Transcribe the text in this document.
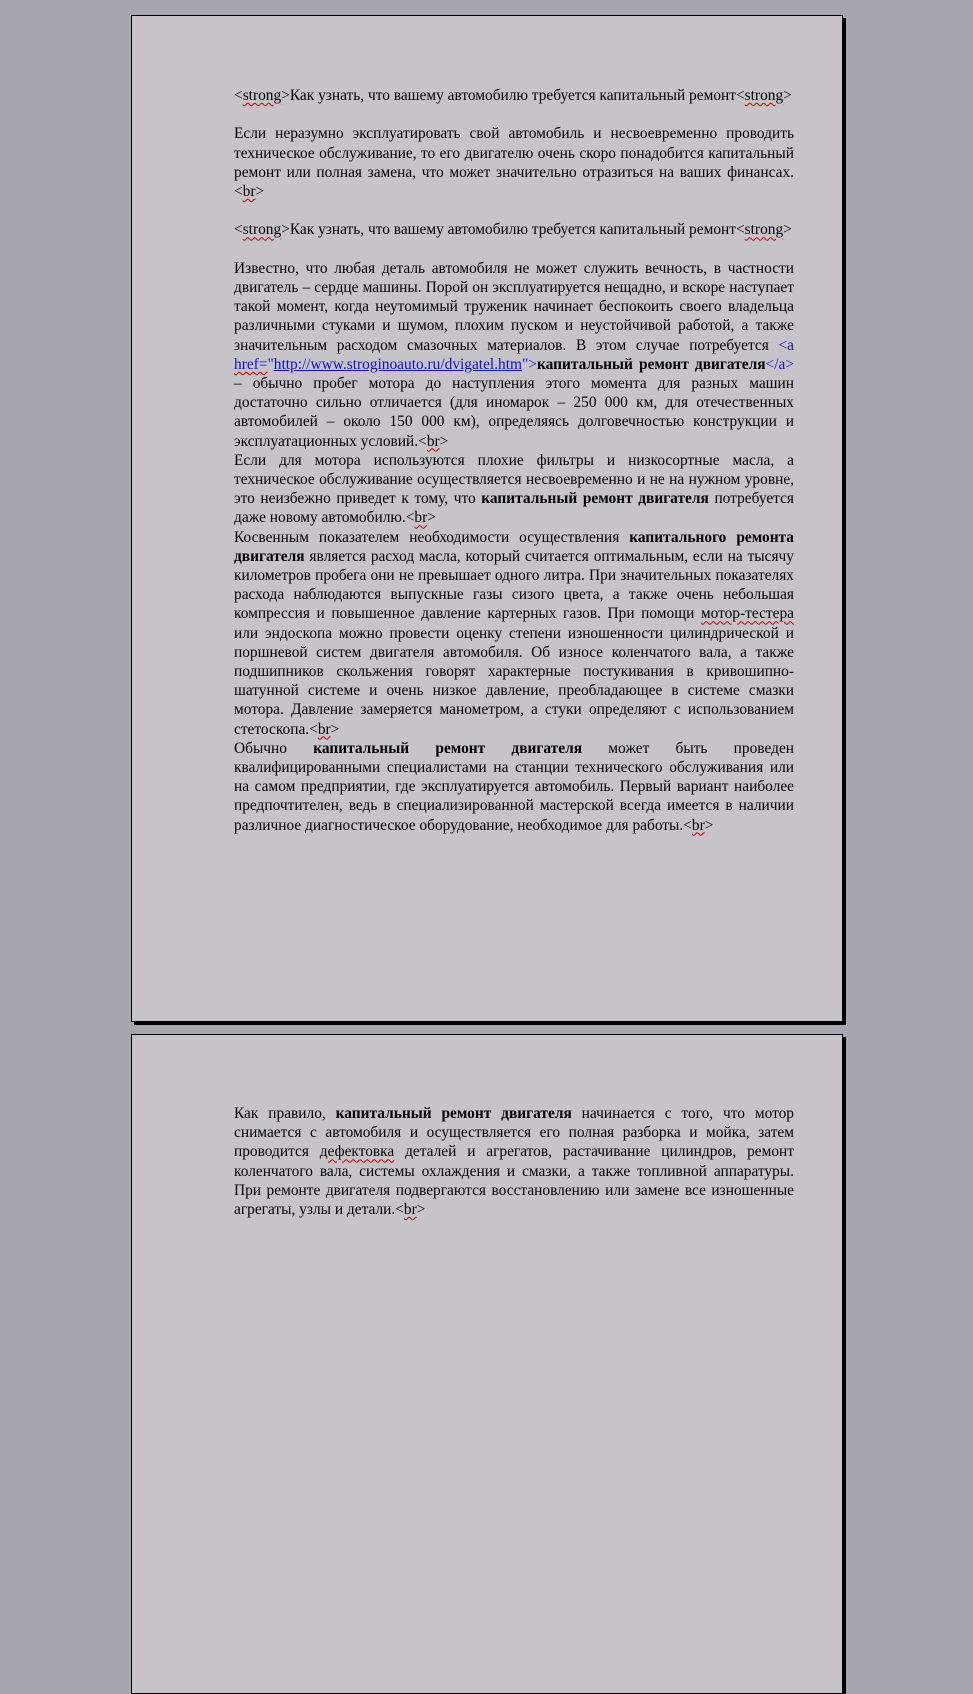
<strong>Как узнать, что вашему автомобилю требуется капитальный ремонт<strong>

Если неразумно эксплуатировать свой автомобиль и несвоевременно проводить техническое обслуживание, то его двигателю очень скоро понадобится капитальный ремонт или полная замена, что может значительно отразиться на ваших финансах.<br>

<strong>Как узнать, что вашему автомобилю требуется капитальный ремонт<strong>

Известно, что любая деталь автомобиля не может служить вечность, в частности двигатель – сердце машины. Порой он эксплуатируется нещадно, и вскоре наступает такой момент, когда неутомимый труженик начинает беспокоить своего владельца различными стуками и шумом, плохим пуском и неустойчивой работой, а также значительным расходом смазочных материалов. В этом случае потребуется <a href="http://www.stroginoauto.ru/dvigatel.htm">капитальный ремонт двигателя</a> – обычно пробег мотора до наступления этого момента для разных машин достаточно сильно отличается (для иномарок – 250 000 км, для отечественных автомобилей – около 150 000 км), определяясь долговечностью конструкции и эксплуатационных условий.<br>

Если для мотора используются плохие фильтры и низкосортные масла, а техническое обслуживание осуществляется несвоевременно и не на нужном уровне, это неизбежно приведет к тому, что капитальный ремонт двигателя потребуется даже новому автомобилю.<br>

Косвенным показателем необходимости осуществления капитального ремонта двигателя является расход масла, который считается оптимальным, если на тысячу километров пробега они не превышает одного литра. При значительных показателях расхода наблюдаются выпускные газы сизого цвета, а также очень небольшая компрессия и повышенное давление картерных газов. При помощи мотор-тестера или эндоскопа можно провести оценку степени изношенности цилиндрической и поршневой систем двигателя автомобиля. Об износе коленчатого вала, а также подшипников скольжения говорят характерные постукивания в кривошипно-шатунной системе и очень низкое давление, преобладающее в системе смазки мотора. Давление замеряется манометром, а стуки определяют с использованием стетоскопа.<br>

Обычно капитальный ремонт двигателя может быть проведен квалифицированными специалистами на станции технического обслуживания или на самом предприятии, где эксплуатируется автомобиль. Первый вариант наиболее предпочтителен, ведь в специализированной мастерской всегда имеется в наличии различное диагностическое оборудование, необходимое для работы.<br>

Как правило, капитальный ремонт двигателя начинается с того, что мотор снимается с автомобиля и осуществляется его полная разборка и мойка, затем проводится дефектовка деталей и агрегатов, растачивание цилиндров, ремонт коленчатого вала, системы охлаждения и смазки, а также топливной аппаратуры. При ремонте двигателя подвергаются восстановлению или замене все изношенные агрегаты, узлы и детали.<br>
